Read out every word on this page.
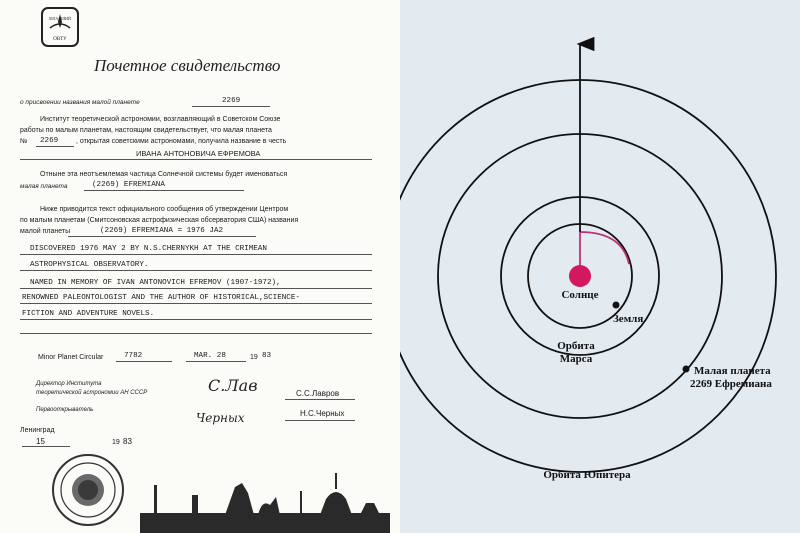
МЛАДШИЙ
ОВТУ
Почетное свидетельство
о присвоении названия малой планете	2269
Институт теоретической астрономии, возглавляющий в Советском Союзе
работы по малым планетам, настоящим свидетельствует, что малая планета
№ 2269	, открытая советскими астрономами, получила название в честь
ИВАНА АНТОНОВИЧА ЕФРЕМОВА
Отныне эта неотъемлемая частица Солнечной системы будет именоваться
малая планета	(2269) EFREMIANA
Ниже приводится текст официального сообщения об утверждении Центром
по малым планетам (Смитсоновская астрофизическая обсерватория США) названия
малой планеты	(2269) EFREMIANA = 1976 JA2
DISCOVERED 1976 MAY 2 BY N.S.CHERNYKH AT THE CRIMEAN
ASTROPHYSICAL OBSERVATORY.
NAMED IN MEMORY OF IVAN ANTONOVICH EFREMOV (1907-1972),
RENOWNED PALEONTOLOGIST AND THE AUTHOR OF HISTORICAL,SCIENCE-
FICTION AND ADVENTURE NOVELS.
Minor Planet Circular	7782	MAR. 28	19 83
Директор Института
теоретической астрономии АН СССР	С.Лав	С.С.Лавров
Первооткрыватель
Черных	Н.С.Черных
Ленинград
15	19 83
Солнце
Земля
Орбита
Марса
Малая планета
2269 Ефремиана
Орбита Юпитера
